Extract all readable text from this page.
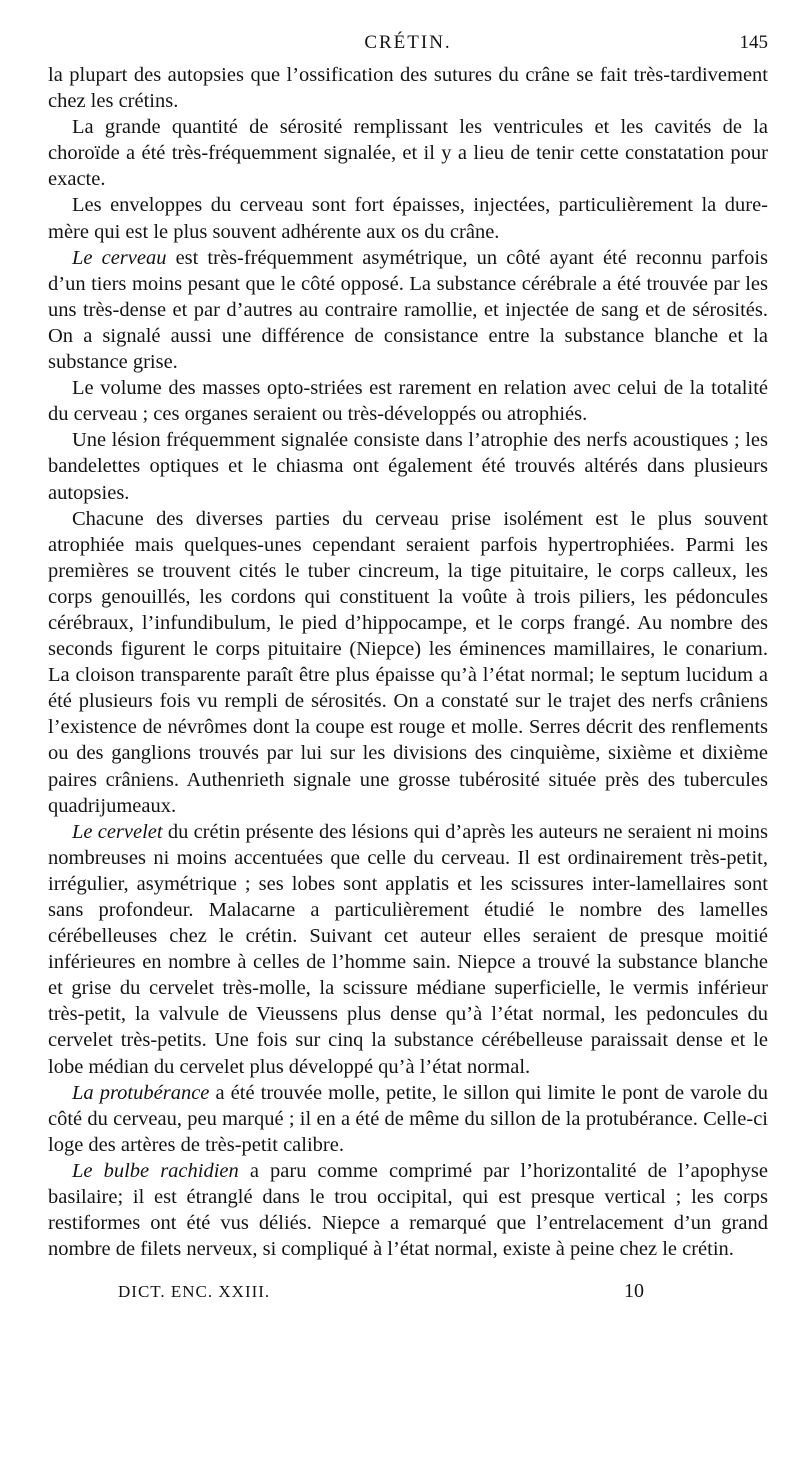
CRÉTIN.	145

la plupart des autopsies que l’ossification des sutures du crâne se fait très-tardivement chez les crétins.

La grande quantité de sérosité remplissant les ventricules et les cavités de la choroïde a été très-fréquemment signalée, et il y a lieu de tenir cette constatation pour exacte.

Les enveloppes du cerveau sont fort épaisses, injectées, particulièrement la dure-mère qui est le plus souvent adhérente aux os du crâne.

Le cerveau est très-fréquemment asymétrique, un côté ayant été reconnu parfois d’un tiers moins pesant que le côté opposé. La substance cérébrale a été trouvée par les uns très-dense et par d’autres au contraire ramollie, et injectée de sang et de sérosités. On a signalé aussi une différence de consistance entre la substance blanche et la substance grise.

Le volume des masses opto-striées est rarement en relation avec celui de la totalité du cerveau ; ces organes seraient ou très-développés ou atrophiés.

Une lésion fréquemment signalée consiste dans l’atrophie des nerfs acoustiques ; les bandelettes optiques et le chiasma ont également été trouvés altérés dans plusieurs autopsies.

Chacune des diverses parties du cerveau prise isolément est le plus souvent atrophiée mais quelques-unes cependant seraient parfois hypertrophiées. Parmi les premières se trouvent cités le tuber cincreum, la tige pituitaire, le corps calleux, les corps genouillés, les cordons qui constituent la voûte à trois piliers, les pédoncules cérébraux, l’infundibulum, le pied d’hippocampe, et le corps frangé. Au nombre des seconds figurent le corps pituitaire (Niepce) les éminences mamillaires, le conarium. La cloison transparente paraît être plus épaisse qu’à l’état normal; le septum lucidum a été plusieurs fois vu rempli de sérosités. On a constaté sur le trajet des nerfs crâniens l’existence de névrômes dont la coupe est rouge et molle. Serres décrit des renflements ou des ganglions trouvés par lui sur les divisions des cinquième, sixième et dixième paires crâniens. Authenrieth signale une grosse tubérosité située près des tubercules quadrijumeaux.

Le cervelet du crétin présente des lésions qui d’après les auteurs ne seraient ni moins nombreuses ni moins accentuées que celle du cerveau. Il est ordinairement très-petit, irrégulier, asymétrique ; ses lobes sont applatis et les scissures inter-lamellaires sont sans profondeur. Malacarne a particulièrement étudié le nombre des lamelles cérébelleuses chez le crétin. Suivant cet auteur elles seraient de presque moitié inférieures en nombre à celles de l’homme sain. Niepce a trouvé la substance blanche et grise du cervelet très-molle, la scissure médiane superficielle, le vermis inférieur très-petit, la valvule de Vieussens plus dense qu’à l’état normal, les pedoncules du cervelet très-petits. Une fois sur cinq la substance cérébelleuse paraissait dense et le lobe médian du cervelet plus développé qu’à l’état normal.

La protubérance a été trouvée molle, petite, le sillon qui limite le pont de varole du côté du cerveau, peu marqué ; il en a été de même du sillon de la protubérance. Celle-ci loge des artères de très-petit calibre.

Le bulbe rachidien a paru comme comprimé par l’horizontalité de l’apophyse basilaire; il est étranglé dans le trou occipital, qui est presque vertical ; les corps restiformes ont été vus déliés. Niepce a remarqué que l’entrelacement d’un grand nombre de filets nerveux, si compliqué à l’état normal, existe à peine chez le crétin.

DICT. ENC. XXIII.	10
